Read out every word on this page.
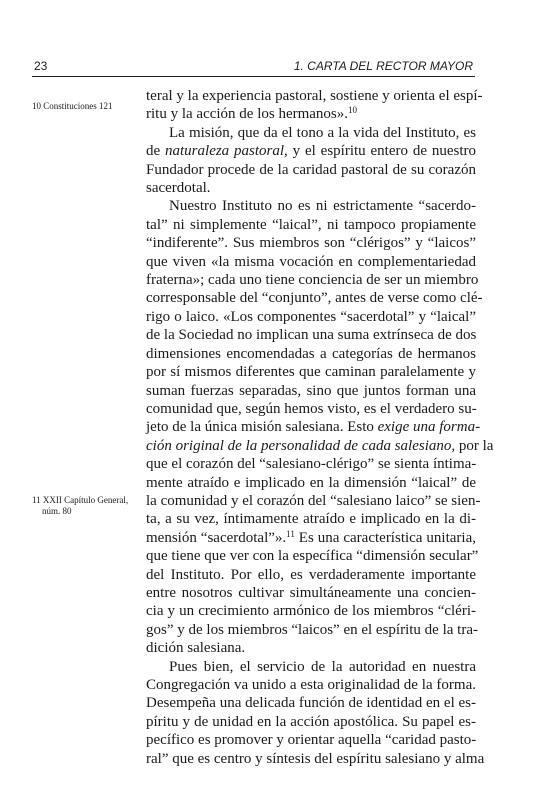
23	1. CARTA DEL RECTOR MAYOR
10 Constituciones 121
11 XXII Capítulo General,
núm. 80
teral y la experiencia pastoral, sostiene y orienta el espí-
ritu y la acción de los hermanos».$^{10}$
La misión, que da el tono a la vida del Instituto, es
de naturaleza pastoral, y el espíritu entero de nuestro
Fundador procede de la caridad pastoral de su corazón
sacerdotal.
Nuestro Instituto no es ni estrictamente “sacerdo-
tal” ni simplemente “laical”, ni tampoco propiamente
“indiferente”. Sus miembros son “clérigos” y “laicos”
que viven «la misma vocación en complementariedad
fraterna»; cada uno tiene conciencia de ser un miembro
corresponsable del “conjunto”, antes de verse como clé-
rigo o laico. «Los componentes “sacerdotal” y “laical”
de la Sociedad no implican una suma extrínseca de dos
dimensiones encomendadas a categorías de hermanos
por sí mismos diferentes que caminan paralelamente y
suman fuerzas separadas, sino que juntos forman una
comunidad que, según hemos visto, es el verdadero su-
jeto de la única misión salesiana. Esto exige una forma-
ción original de la personalidad de cada salesiano, por la
que el corazón del “salesiano-clérigo” se sienta íntima-
mente atraído e implicado en la dimensión “laical” de
la comunidad y el corazón del “salesiano laico” se sien-
ta, a su vez, íntimamente atraído e implicado en la di-
mensión “sacerdotal”».$^{11}$ Es una característica unitaria,
que tiene que ver con la específica “dimensión secular”
del Instituto. Por ello, es verdaderamente importante
entre nosotros cultivar simultáneamente una concien-
cia y un crecimiento armónico de los miembros “cléri-
gos” y de los miembros “laicos” en el espíritu de la tra-
dición salesiana.
Pues bien, el servicio de la autoridad en nuestra
Congregación va unido a esta originalidad de la forma.
Desempeña una delicada función de identidad en el es-
píritu y de unidad en la acción apostólica. Su papel es-
pecífico es promover y orientar aquella “caridad pasto-
ral” que es centro y síntesis del espíritu salesiano y alma
